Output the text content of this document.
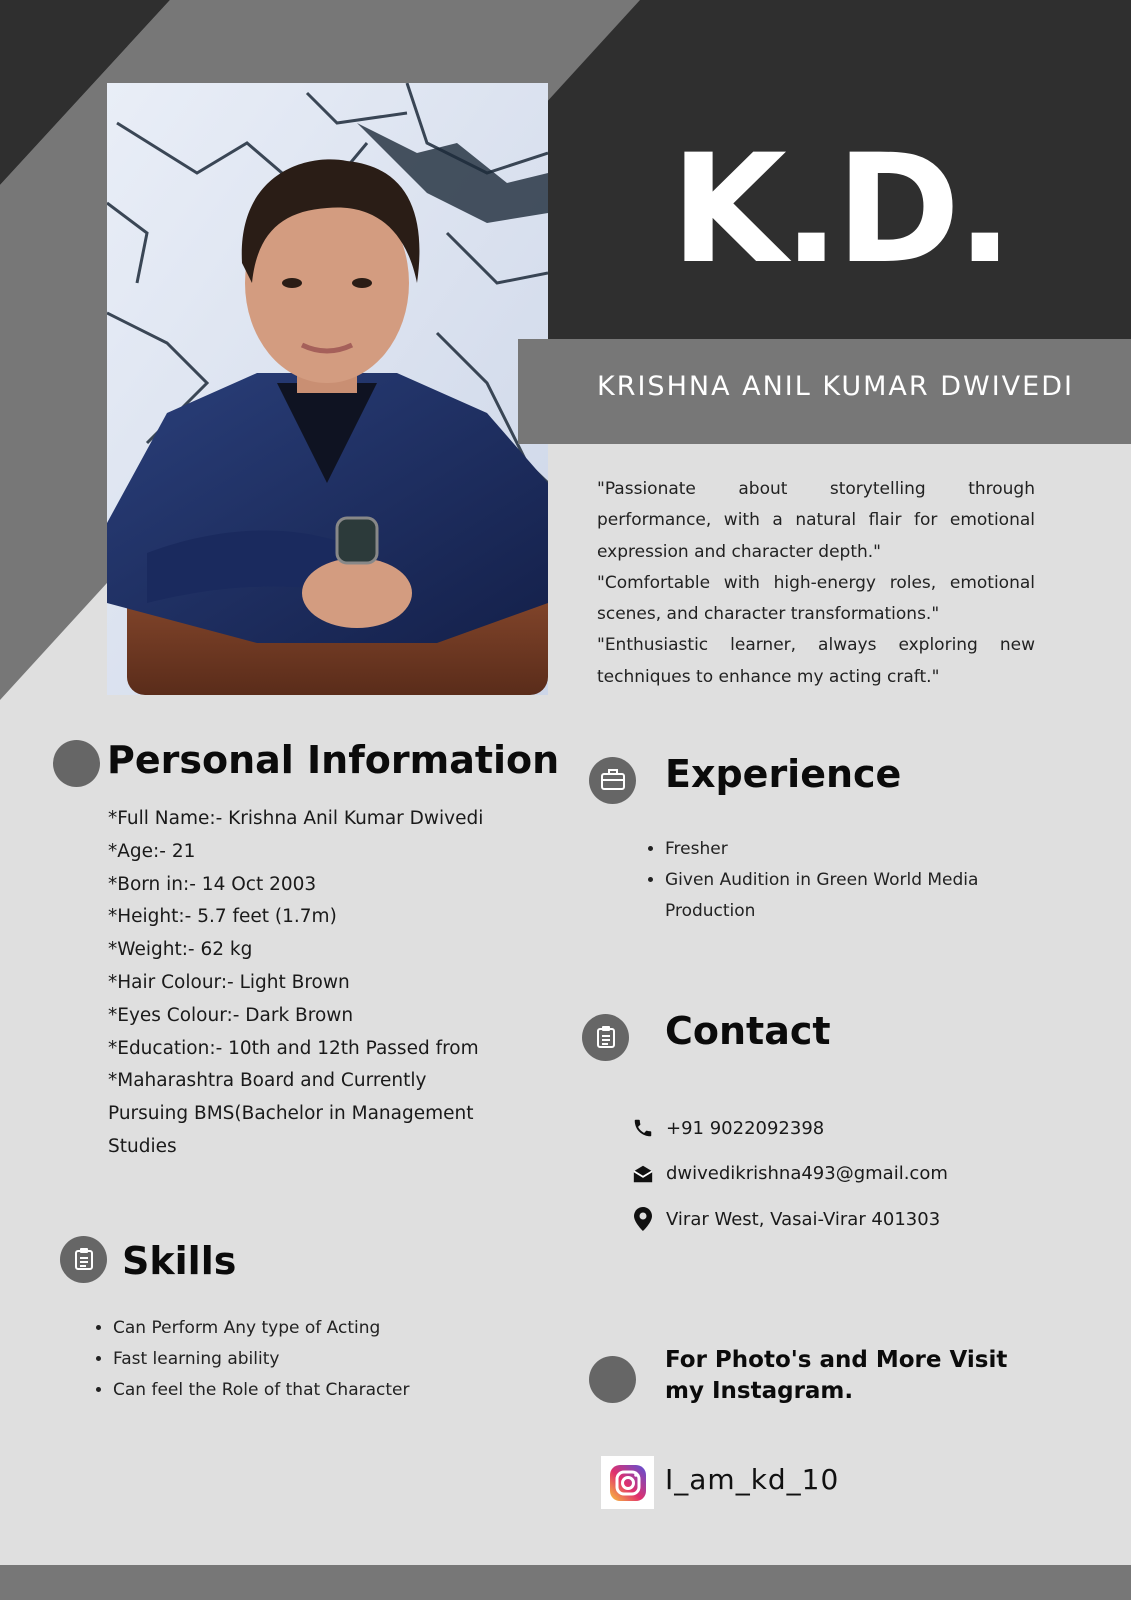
K.D.
KRISHNA ANIL KUMAR DWIVEDI

"Passionate about storytelling through performance, with a natural flair for emotional expression and character depth."

"Comfortable with high-energy roles, emotional scenes, and character transformations."

"Enthusiastic learner, always exploring new techniques to enhance my acting craft."

Personal Information
*Full Name:- Krishna Anil Kumar Dwivedi
*Age:- 21
*Born in:- 14 Oct 2003
*Height:- 5.7 feet (1.7m)
*Weight:- 62 kg
*Hair Colour:- Light Brown
*Eyes Colour:- Dark Brown
*Education:- 10th and 12th Passed from
*Maharashtra Board and Currently
Pursuing BMS(Bachelor in Management
Studies
Experience
• Fresher
• Given Audition in Green World Media Production
Contact
+91 9022092398
dwivedikrishna493@gmail.com
Virar West, Vasai-Virar 401303
Skills
• Can Perform Any type of Acting
• Fast learning ability
• Can feel the Role of that Character
For Photo's and More Visit my Instagram.
I_am_kd_10
